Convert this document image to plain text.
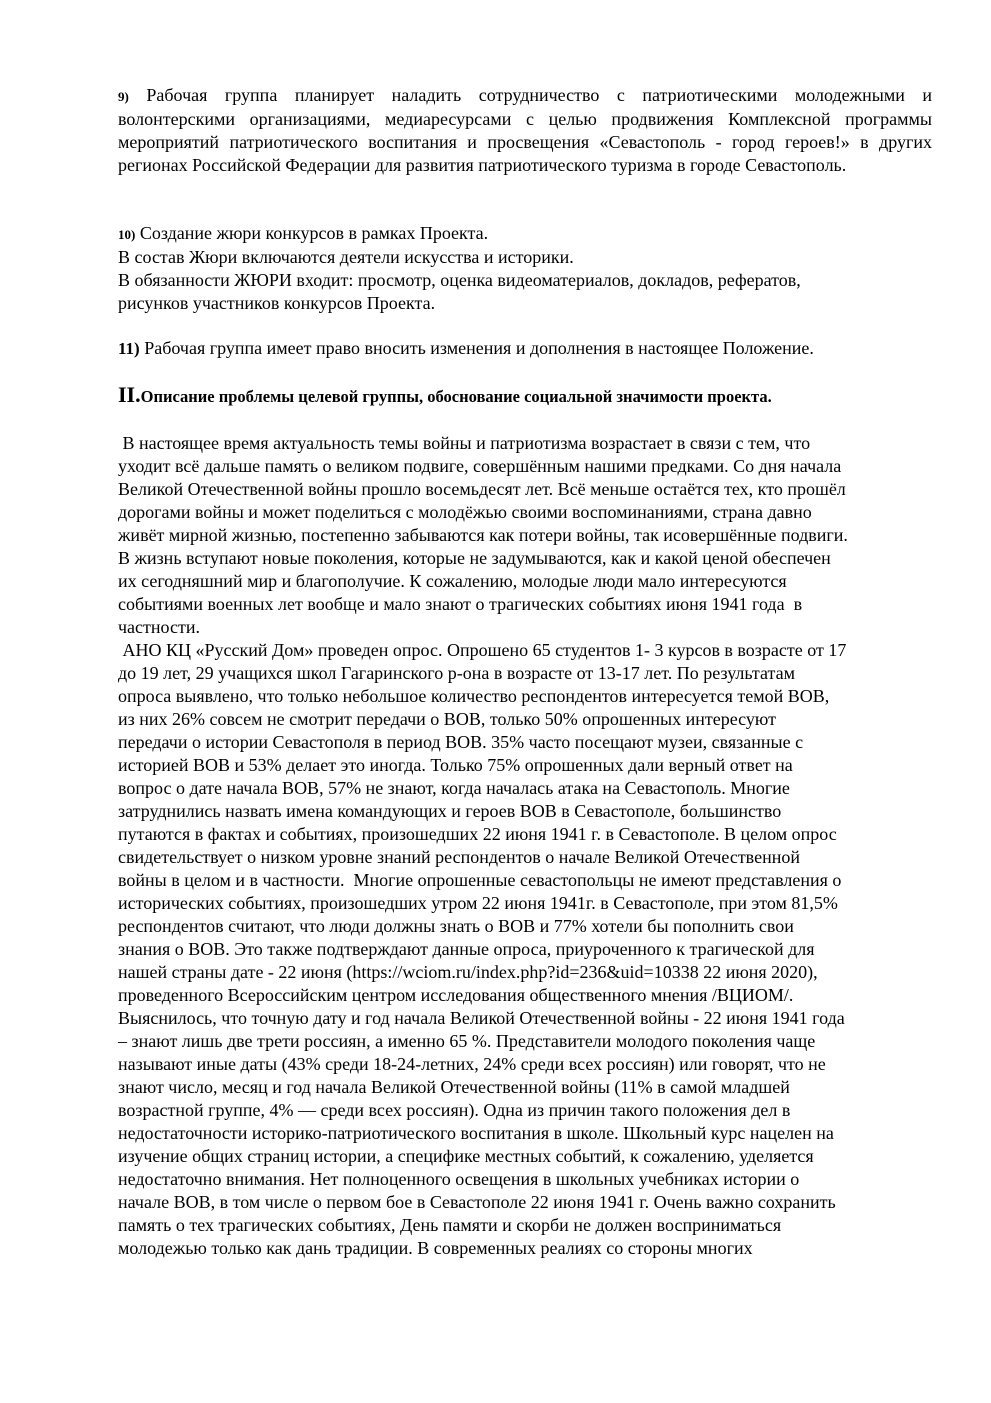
9) Рабочая группа планирует наладить сотрудничество с патриотическими молодежными и волонтерскими организациями, медиаресурсами с целью продвижения Комплексной программы мероприятий патриотического воспитания и просвещения «Севастополь - город героев!» в других регионах Российской Федерации для развития патриотического туризма в городе Севастополь.

10) Создание жюри конкурсов в рамках Проекта.
В состав Жюри включаются деятели искусства и историки.
В обязанности ЖЮРИ входит: просмотр, оценка видеоматериалов, докладов, рефератов,
рисунков участников конкурсов Проекта.

11) Рабочая группа имеет право вносить изменения и дополнения в настоящее Положение.

II.Описание проблемы целевой группы, обоснование социальной значимости проекта.
В настоящее время актуальность темы войны и патриотизма возрастает в связи с тем, что
уходит всё дальше память о великом подвиге, совершённым нашими предками. Со дня начала
Великой Отечественной войны прошло восемьдесят лет. Всё меньше остаётся тех, кто прошёл
дорогами войны и может поделиться с молодёжью своими воспоминаниями, страна давно
живёт мирной жизнью, постепенно забываются как потери войны, так исовершённые подвиги.
В жизнь вступают новые поколения, которые не задумываются, как и какой ценой обеспечен
их сегодняшний мир и благополучие. К сожалению, молодые люди мало интересуются
событиями военных лет вообще и мало знают о трагических событиях июня 1941 года  в
частности.
АНО КЦ «Русский Дом» проведен опрос. Опрошено 65 студентов 1- 3 курсов в возрасте от 17
до 19 лет, 29 учащихся школ Гагаринского р-она в возрасте от 13-17 лет. По результатам
опроса выявлено, что только небольшое количество респондентов интересуется темой ВОВ,
из них 26% совсем не смотрит передачи о ВОВ, только 50% опрошенных интересуют
передачи о истории Севастополя в период ВОВ. 35% часто посещают музеи, связанные с
историей ВОВ и 53% делает это иногда. Только 75% опрошенных дали верный ответ на
вопрос о дате начала ВОВ, 57% не знают, когда началась атака на Севастополь. Многие
затруднились назвать имена командующих и героев ВОВ в Севастополе, большинство
путаются в фактах и событиях, произошедших 22 июня 1941 г. в Севастополе. В целом опрос
свидетельствует о низком уровне знаний респондентов о начале Великой Отечественной
войны в целом и в частности.  Многие опрошенные севастопольцы не имеют представления о
исторических событиях, произошедших утром 22 июня 1941г. в Севастополе, при этом 81,5%
респондентов считают, что люди должны знать о ВОВ и 77% хотели бы пополнить свои
знания о ВОВ. Это также подтверждают данные опроса, приуроченного к трагической для
нашей страны дате - 22 июня (https://wciom.ru/index.php?id=236&uid=10338 22 июня 2020),
проведенного Всероссийским центром исследования общественного мнения /ВЦИОМ/.
Выяснилось, что точную дату и год начала Великой Отечественной войны - 22 июня 1941 года
– знают лишь две трети россиян, а именно 65 %. Представители молодого поколения чаще
называют иные даты (43% среди 18-24-летних, 24% среди всех россиян) или говорят, что не
знают число, месяц и год начала Великой Отечественной войны (11% в самой младшей
возрастной группе, 4% — среди всех россиян). Одна из причин такого положения дел в
недостаточности историко-патриотического воспитания в школе. Школьный курс нацелен на
изучение общих страниц истории, а специфике местных событий, к сожалению, уделяется
недостаточно внимания. Нет полноценного освещения в школьных учебниках истории о
начале ВОВ, в том числе о первом бое в Севастополе 22 июня 1941 г. Очень важно сохранить
память о тех трагических событиях, День памяти и скорби не должен восприниматься
молодежью только как дань традиции. В современных реалиях со стороны многих
